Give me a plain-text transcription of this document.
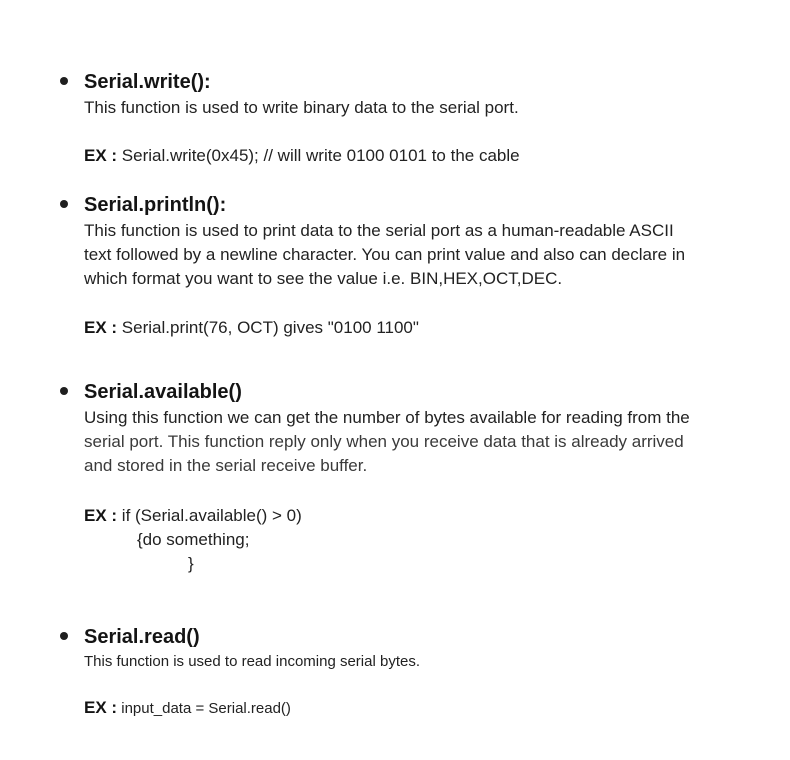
Serial.write():
This function is used to write binary data to the serial port.
EX : Serial.write(0x45); // will write 0100 0101 to the cable
Serial.println():
This function is used to print data to the serial port as a human-readable ASCII
text followed by a newline character. You can print value and also can declare in
which format you want to see the value i.e. BIN,HEX,OCT,DEC.
EX : Serial.print(76, OCT) gives "0100 1100"
Serial.available()
Using this function we can get the number of bytes available for reading from the
serial port. This function reply only when you receive data that is already arrived
and stored in the serial receive buffer.
EX : if (Serial.available() > 0)
{do something;
}
Serial.read()
This function is used to read incoming serial bytes.
EX : input_data = Serial.read()
